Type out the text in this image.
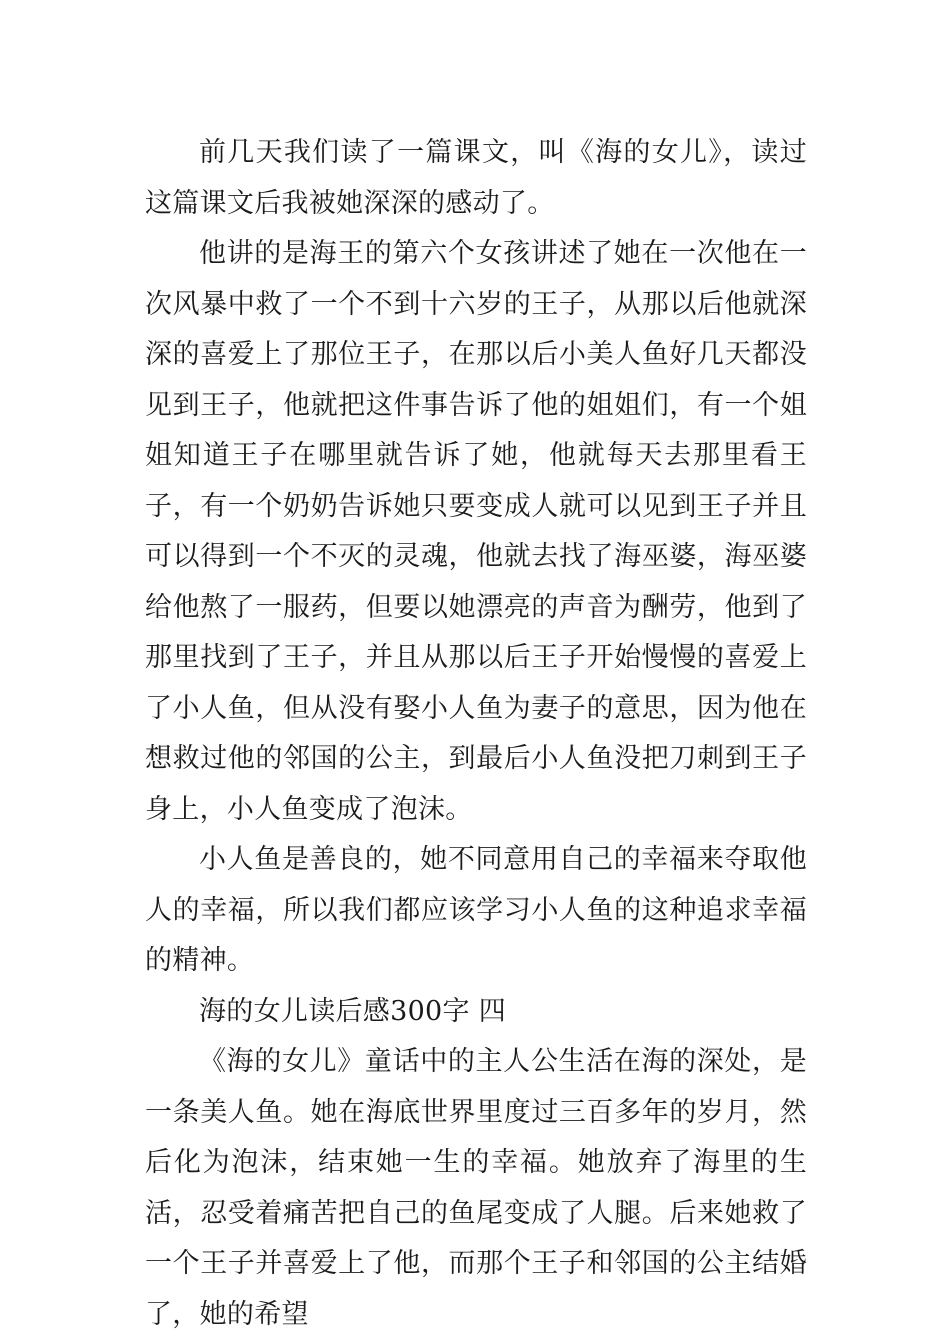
前几天我们读了一篇课文，叫《海的女儿》，读过这篇课文后我被她深深的感动了。

他讲的是海王的第六个女孩讲述了她在一次他在一次风暴中救了一个不到十六岁的王子，从那以后他就深深的喜爱上了那位王子，在那以后小美人鱼好几天都没见到王子，他就把这件事告诉了他的姐姐们，有一个姐姐知道王子在哪里就告诉了她，他就每天去那里看王子，有一个奶奶告诉她只要变成人就可以见到王子并且可以得到一个不灭的灵魂，他就去找了海巫婆，海巫婆给他熬了一服药，但要以她漂亮的声音为酬劳，他到了那里找到了王子，并且从那以后王子开始慢慢的喜爱上了小人鱼，但从没有娶小人鱼为妻子的意思，因为他在想救过他的邻国的公主，到最后小人鱼没把刀刺到王子身上，小人鱼变成了泡沫。

小人鱼是善良的，她不同意用自己的幸福来夺取他人的幸福，所以我们都应该学习小人鱼的这种追求幸福的精神。

海的女儿读后感300字 四

《海的女儿》童话中的主人公生活在海的深处，是一条美人鱼。她在海底世界里度过三百多年的岁月，然后化为泡沫，结束她一生的幸福。她放弃了海里的生活，忍受着痛苦把自己的鱼尾变成了人腿。后来她救了一个王子并喜爱上了他，而那个王子和邻国的公主结婚了，她的希望
